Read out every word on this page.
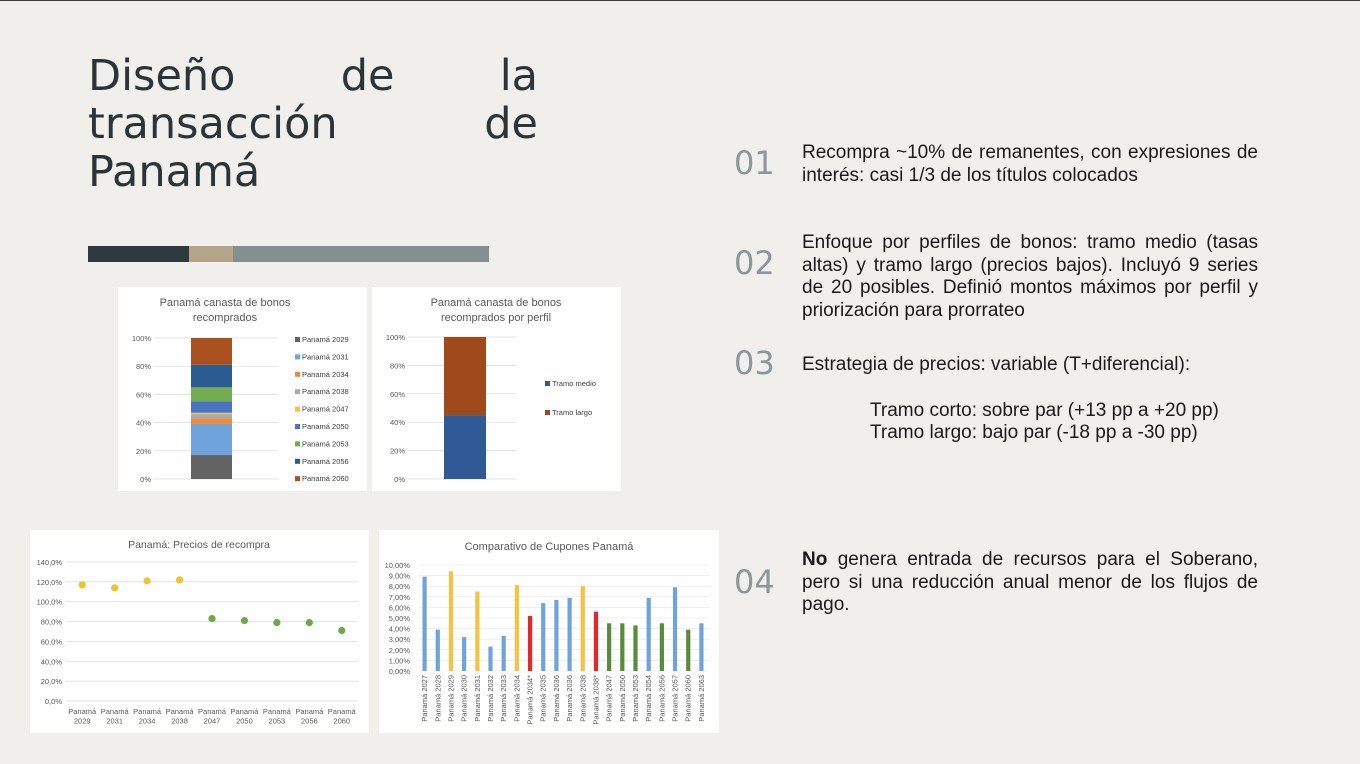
Diseño de la
transacción de
Panamá
Panamá canasta de bonos
recomprados
0%
20%
40%
60%
80%
100%	Panamá 2029
Panamá 2031
Panamá 2034
Panamá 2038
Panamá 2047
Panamá 2050
Panamá 2053
Panamá 2056
Panamá 2060
Panamá canasta de bonos
recomprados por perfil
0%
20%
40%
60%
80%
100%
Tramo medio
Tramo largo
Panamá: Precios de recompra
0,0%
20,0%
40,0%
60,0%
80,0%
100,0%
120,0%
140,0%
Panamá
2029
Panamá
2031
Panamá
2034
Panamá
2038
Panamá
2047
Panamá
2050
Panamá
2053
Panamá
2056
Panamá
2060
Comparativo de Cupones Panamá
0,00%
1,00%
2,00%
3,00%
4,00%
5,00%
6,00%
7,00%
8,00%
9,00%
10,00%
Panamá 2027 Panamá 2028 Panamá 2029 Panamá 2030 Panamá 2031 Panamá 2032 Panamá 2033 Panamá 2034 Panamá 2034* Panamá 2035 Panamá 2036 Panamá 2036 Panamá 2038 Panamá 2038* Panamá 2047 Panamá 2050 Panamá 2053 Panamá 2054 Panamá 2056 Panamá 2057 Panamá 2060 Panamá 2063
01 Recompra ~10% de remanentes, con expresiones de interés: casi 1/3 de los títulos colocados
02
Enfoque por perfiles de bonos: tramo medio (tasas altas) y tramo largo (precios bajos). Incluyó 9 series de 20 posibles. Definió montos máximos por perfil y priorización para prorrateo
03 Estrategia de precios: variable (T+diferencial):
Tramo corto: sobre par (+13 pp a +20 pp)
Tramo largo: bajo par (-18 pp a -30 pp)
04
No genera entrada de recursos para el Soberano, pero si una reducción anual menor de los flujos de pago.
